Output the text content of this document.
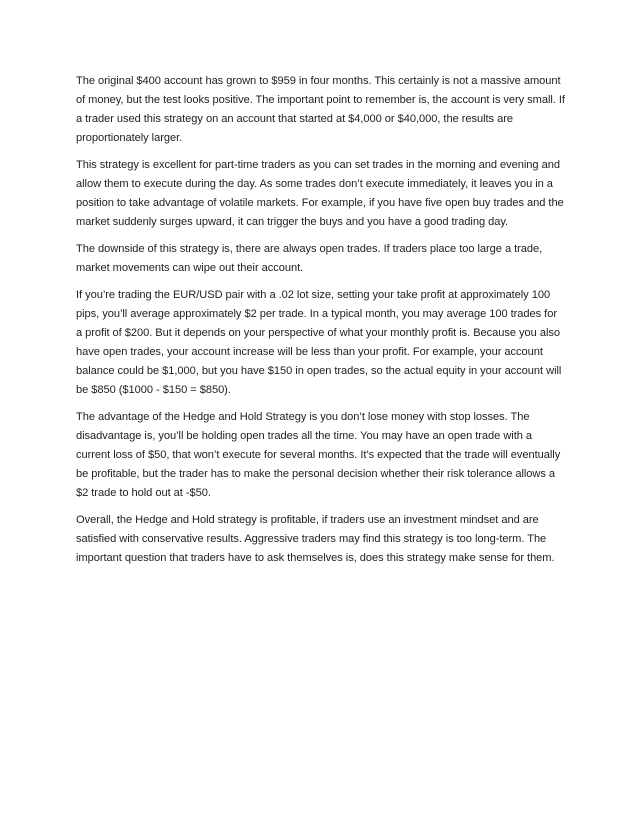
The original $400 account has grown to $959 in four months. This certainly is not a massive amount of money, but the test looks positive. The important point to remember is, the account is very small. If a trader used this strategy on an account that started at $4,000 or $40,000, the results are proportionately larger.

This strategy is excellent for part-time traders as you can set trades in the morning and evening and allow them to execute during the day. As some trades don’t execute immediately, it leaves you in a position to take advantage of volatile markets. For example, if you have five open buy trades and the market suddenly surges upward, it can trigger the buys and you have a good trading day.

The downside of this strategy is, there are always open trades. If traders place too large a trade, market movements can wipe out their account.

If you’re trading the EUR/USD pair with a .02 lot size, setting your take profit at approximately 100 pips, you’ll average approximately $2 per trade. In a typical month, you may average 100 trades for a profit of $200. But it depends on your perspective of what your monthly profit is. Because you also have open trades, your account increase will be less than your profit. For example, your account balance could be $1,000, but you have $150 in open trades, so the actual equity in your account will be $850 ($1000 - $150 = $850).

The advantage of the Hedge and Hold Strategy is you don’t lose money with stop losses. The disadvantage is, you’ll be holding open trades all the time. You may have an open trade with a current loss of $50, that won’t execute for several months. It’s expected that the trade will eventually be profitable, but the trader has to make the personal decision whether their risk tolerance allows a $2 trade to hold out at -$50.

Overall, the Hedge and Hold strategy is profitable, if traders use an investment mindset and are satisfied with conservative results. Aggressive traders may find this strategy is too long-term. The important question that traders have to ask themselves is, does this strategy make sense for them.
